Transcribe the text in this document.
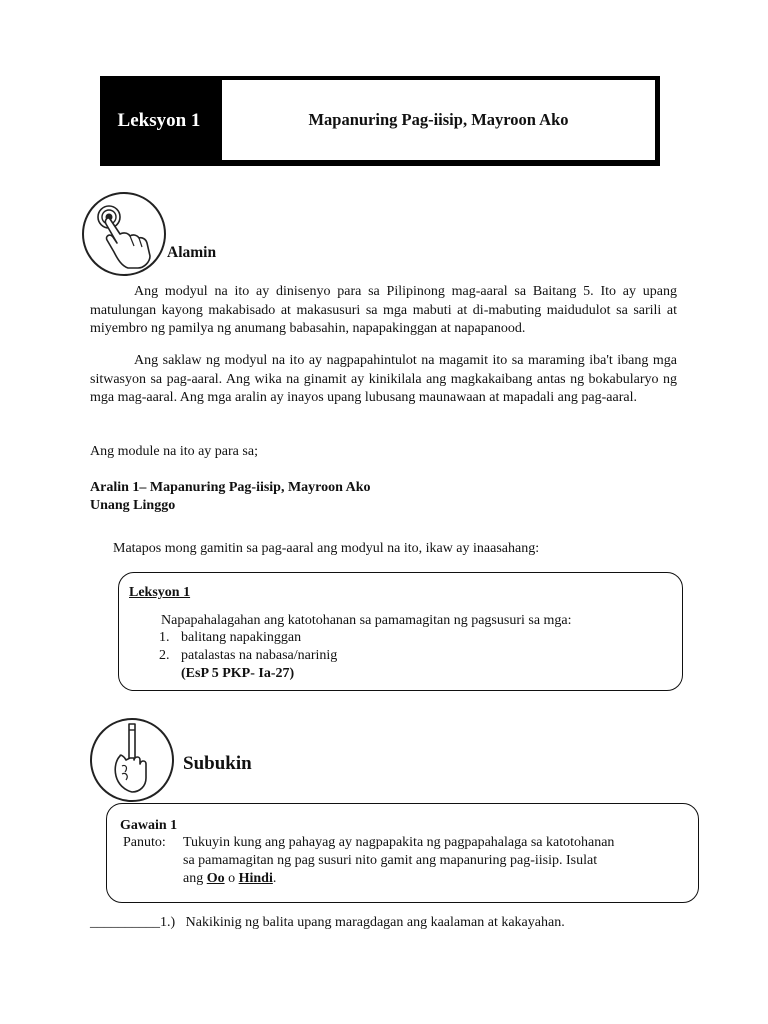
Leksyon 1	Mapanuring Pag-iisip, Mayroon Ako
Alamin
Ang modyul na ito ay dinisenyo para sa Pilipinong mag-aaral sa Baitang 5. Ito ay upang matulungan kayong makabisado at makasusuri sa mga mabuti at di-mabuting maidudulot sa sarili at miyembro ng pamilya ng anumang babasahin, napapakinggan at napapanood.
Ang saklaw ng modyul na ito ay nagpapahintulot na magamit ito sa maraming iba't ibang mga sitwasyon sa pag-aaral. Ang wika na ginamit ay kinikilala ang magkakaibang antas ng bokabularyo ng mga mag-aaral. Ang mga aralin ay inayos upang lubusang maunawaan at mapadali ang pag-aaral.
Ang module na ito ay para sa;
Aralin 1– Mapanuring Pag-iisip, Mayroon Ako
Unang Linggo
Matapos mong gamitin sa pag-aaral ang modyul na ito, ikaw ay inaasahang:
Leksyon 1
Napapahalagahan ang katotohanan sa pamamagitan ng pagsusuri sa mga:
1. balitang napakinggan
2. patalastas na nabasa/narinig
(EsP 5 PKP- Ia-27)
Subukin
Gawain 1
Panuto: Tukuyin kung ang pahayag ay nagpapakita ng pagpapahalaga sa katotohanan
sa pamamagitan ng pag susuri nito gamit ang mapanuring pag-iisip. Isulat
ang Oo o Hindi.
__________1.) Nakikinig ng balita upang maragdagan ang kaalaman at kakayahan.
